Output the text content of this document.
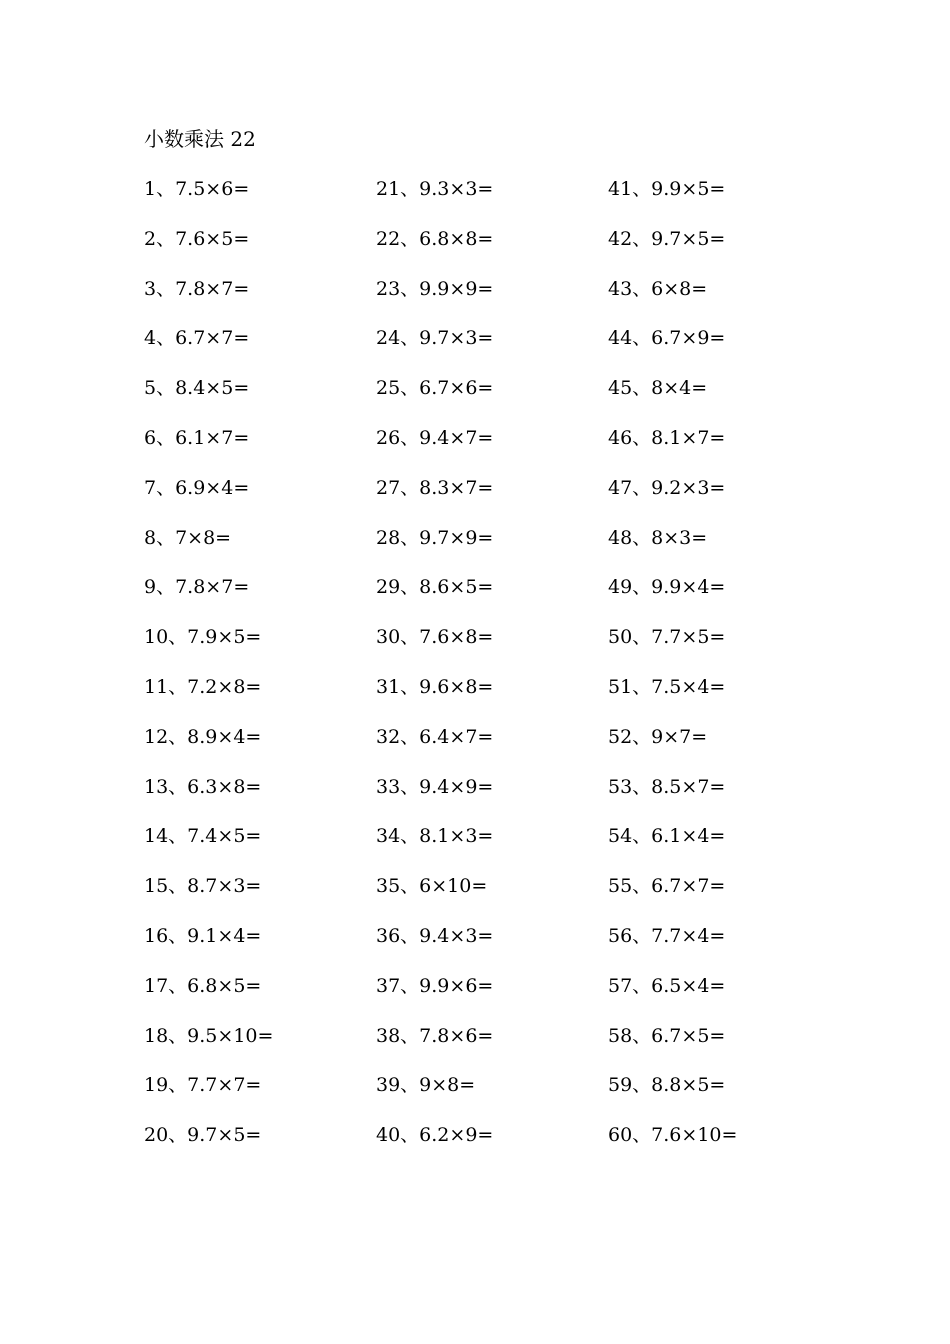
小数乘法 22
1、7.5×6=
2、7.6×5=
3、7.8×7=
4、6.7×7=
5、8.4×5=
6、6.1×7=
7、6.9×4=
8、7×8=
9、7.8×7=
10、7.9×5=
11、7.2×8=
12、8.9×4=
13、6.3×8=
14、7.4×5=
15、8.7×3=
16、9.1×4=
17、6.8×5=
18、9.5×10=
19、7.7×7=
20、9.7×5=
21、9.3×3=
22、6.8×8=
23、9.9×9=
24、9.7×3=
25、6.7×6=
26、9.4×7=
27、8.3×7=
28、9.7×9=
29、8.6×5=
30、7.6×8=
31、9.6×8=
32、6.4×7=
33、9.4×9=
34、8.1×3=
35、6×10=
36、9.4×3=
37、9.9×6=
38、7.8×6=
39、9×8=
40、6.2×9=
41、9.9×5=
42、9.7×5=
43、6×8=
44、6.7×9=
45、8×4=
46、8.1×7=
47、9.2×3=
48、8×3=
49、9.9×4=
50、7.7×5=
51、7.5×4=
52、9×7=
53、8.5×7=
54、6.1×4=
55、6.7×7=
56、7.7×4=
57、6.5×4=
58、6.7×5=
59、8.8×5=
60、7.6×10=
